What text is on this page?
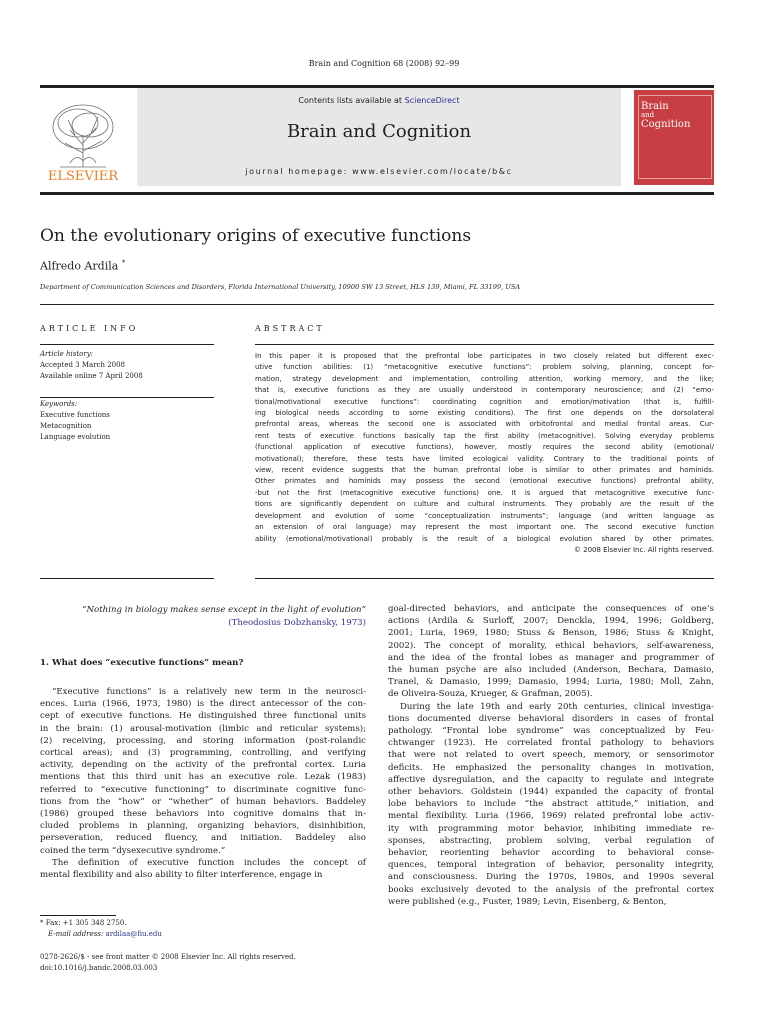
Brain and Cognition 68 (2008) 92–99
ELSEVIER
Contents lists available at ScienceDirect
Brain and Cognition
journal homepage: www.elsevier.com/locate/b&c
Brain
and
Cognition
On the evolutionary origins of executive functions
Alfredo Ardila *
Department of Communication Sciences and Disorders, Florida International University, 10900 SW 13 Street, HLS 139, Miami, FL 33199, USA
ARTICLE INFO	ABSTRACT
Article history:
Accepted 3 March 2008
Available online 7 April 2008
Keywords:
Executive functions
Metacognition
Language evolution
In this paper it is proposed that the prefrontal lobe participates in two closely related but different exec-
utive function abilities: (1) “metacognitive executive functions”: problem solving, planning, concept for-
mation, strategy development and implementation, controlling attention, working memory, and the like;
that is, executive functions as they are usually understood in contemporary neuroscience; and (2) “emo-
tional/motivational executive functions”: coordinating cognition and emotion/motivation (that is, fulfill-
ing biological needs according to some existing conditions). The first one depends on the dorsolateral
prefrontal areas, whereas the second one is associated with orbitofrontal and medial frontal areas. Cur-
rent tests of executive functions basically tap the first ability (metacognitive). Solving everyday problems
(functional application of executive functions), however, mostly requires the second ability (emotional/
motivational); therefore, these tests have limited ecological validity. Contrary to the traditional points of
view, recent evidence suggests that the human prefrontal lobe is similar to other primates and hominids.
Other primates and hominids may possess the second (emotional executive functions) prefrontal ability,
-but not the first (metacognitive executive functions) one. It is argued that metacognitive executive func-
tions are significantly dependent on culture and cultural instruments. They probably are the result of the
development and evolution of some “conceptualization instruments”; language (and written language as
an extension of oral language) may represent the most important one. The second executive function
ability (emotional/motivational) probably is the result of a biological evolution shared by other primates.
© 2008 Elsevier Inc. All rights reserved.
“Nothing in biology makes sense except in the light of evolution”
(Theodosius Dobzhansky, 1973)
1. What does “executive functions” mean?
“Executive functions” is a relatively new term in the neurosci-
ences. Luria (1966, 1973, 1980) is the direct antecessor of the con-
cept of executive functions. He distinguished three functional units
in the brain: (1) arousal-motivation (limbic and reticular systems);
(2) receiving, processing, and storing information (post-rolandic
cortical areas); and (3) programming, controlling, and verifying
activity, depending on the activity of the prefrontal cortex. Luria
mentions that this third unit has an executive role. Lezak (1983)
referred to “executive functioning” to discriminate cognitive func-
tions from the “how” or “whether” of human behaviors. Baddeley
(1986) grouped these behaviors into cognitive domains that in-
cluded problems in planning, organizing behaviors, disinhibition,
perseveration, reduced fluency, and initiation. Baddeley also
coined the term “dysexecutive syndrome.”
The definition of executive function includes the concept of
mental flexibility and also ability to filter interference, engage in
goal-directed behaviors, and anticipate the consequences of one’s
actions (Ardila & Surloff, 2007; Denckla, 1994, 1996; Goldberg,
2001; Luria, 1969, 1980; Stuss & Benson, 1986; Stuss & Knight,
2002). The concept of morality, ethical behaviors, self-awareness,
and the idea of the frontal lobes as manager and programmer of
the human psyche are also included (Anderson, Bechara, Damasio,
Tranel, & Damasio, 1999; Damasio, 1994; Luria, 1980; Moll, Zahn,
de Oliveira-Souza, Krueger, & Grafman, 2005).
During the late 19th and early 20th centuries, clinical investiga-
tions documented diverse behavioral disorders in cases of frontal
pathology. “Frontal lobe syndrome” was conceptualized by Feu-
chtwanger (1923). He correlated frontal pathology to behaviors
that were not related to overt speech, memory, or sensorimotor
deficits. He emphasized the personality changes in motivation,
affective dysregulation, and the capacity to regulate and integrate
other behaviors. Goldstein (1944) expanded the capacity of frontal
lobe behaviors to include “the abstract attitude,” initiation, and
mental flexibility. Luria (1966, 1969) related prefrontal lobe activ-
ity with programming motor behavior, inhibiting immediate re-
sponses, abstracting, problem solving, verbal regulation of
behavior, reorienting behavior according to behavioral conse-
quences, temporal integration of behavior, personality integrity,
and consciousness. During the 1970s, 1980s, and 1990s several
books exclusively devoted to the analysis of the prefrontal cortex
were published (e.g., Fuster, 1989; Levin, Eisenberg, & Benton,
* Fax: +1 305 348 2750.
E-mail address: ardilaa@fiu.edu
0278-2626/$ - see front matter © 2008 Elsevier Inc. All rights reserved.
doi:10.1016/j.bandc.2008.03.003
